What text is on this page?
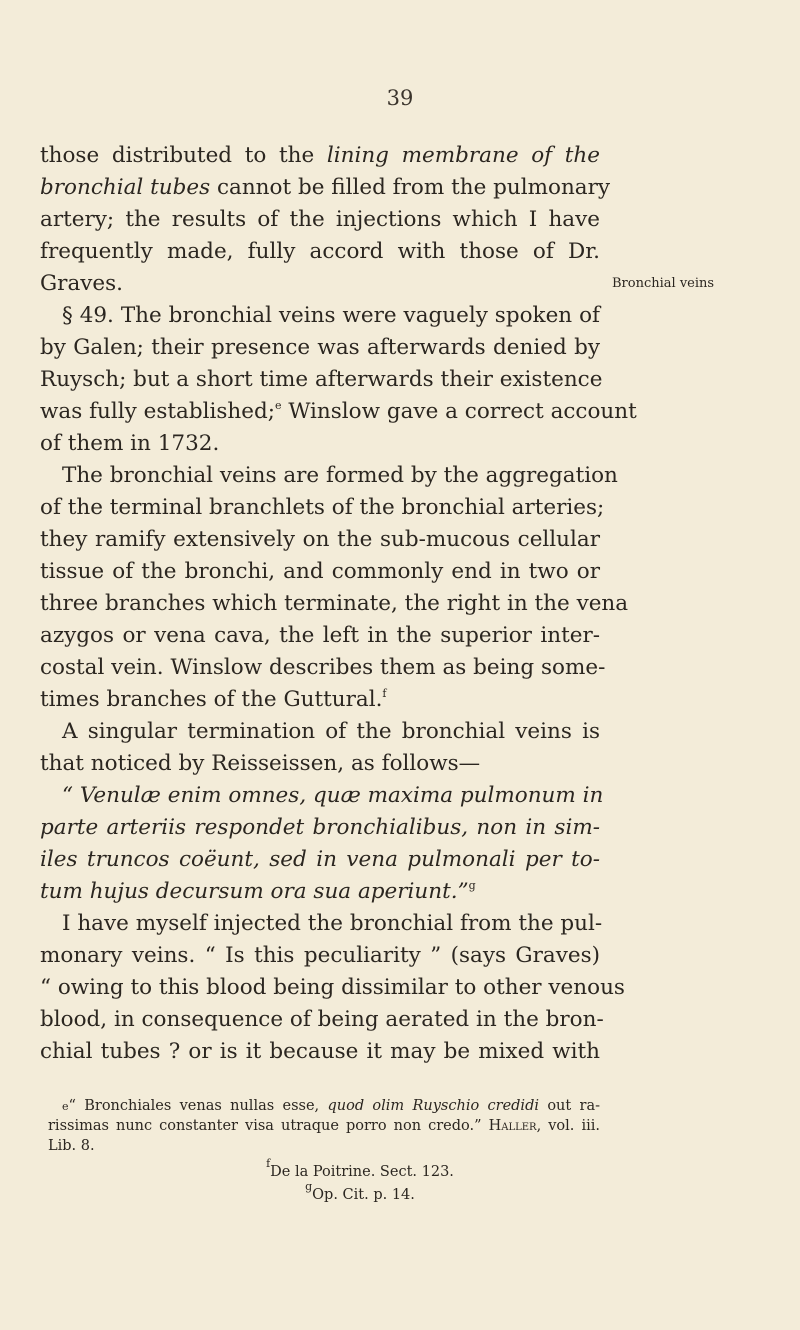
39
Bronchial veins
those distributed to the lining membrane of the
bronchial tubes cannot be filled from the pulmonary
artery; the results of the injections which I have
frequently made, fully accord with those of Dr.
Graves.
§ 49. The bronchial veins were vaguely spoken of
by Galen; their presence was afterwards denied by
Ruysch; but a short time afterwards their existence
was fully established;$^e$ Winslow gave a correct account
of them in 1732.
The bronchial veins are formed by the aggregation
of the terminal branchlets of the bronchial arteries;
they ramify extensively on the sub-mucous cellular
tissue of the bronchi, and commonly end in two or
three branches which terminate, the right in the vena
azygos or vena cava, the left in the superior inter-
costal vein. Winslow describes them as being some-
times branches of the Guttural.$^f$
A singular termination of the bronchial veins is
that noticed by Reisseissen, as follows—
“ Venulæ enim omnes, quæ maxima pulmonum in
parte arteriis respondet bronchialibus, non in sim-
iles truncos coëunt, sed in vena pulmonali per to-
tum hujus decursum ora sua aperiunt.”$^g$
I have myself injected the bronchial from the pul-
monary veins. “ Is this peculiarity ” (says Graves)
“ owing to this blood being dissimilar to other venous
blood, in consequence of being aerated in the bron-
chial tubes ? or is it because it may be mixed with
e“ Bronchiales venas nullas esse, quod olim Ruyschio credidi out ra-
rissimas nunc constanter visa utraque porro non credo.” Haller, vol. iii.
Lib. 8.
$^f$De la Poitrine. Sect. 123.
$^g$Op. Cit. p. 14.
